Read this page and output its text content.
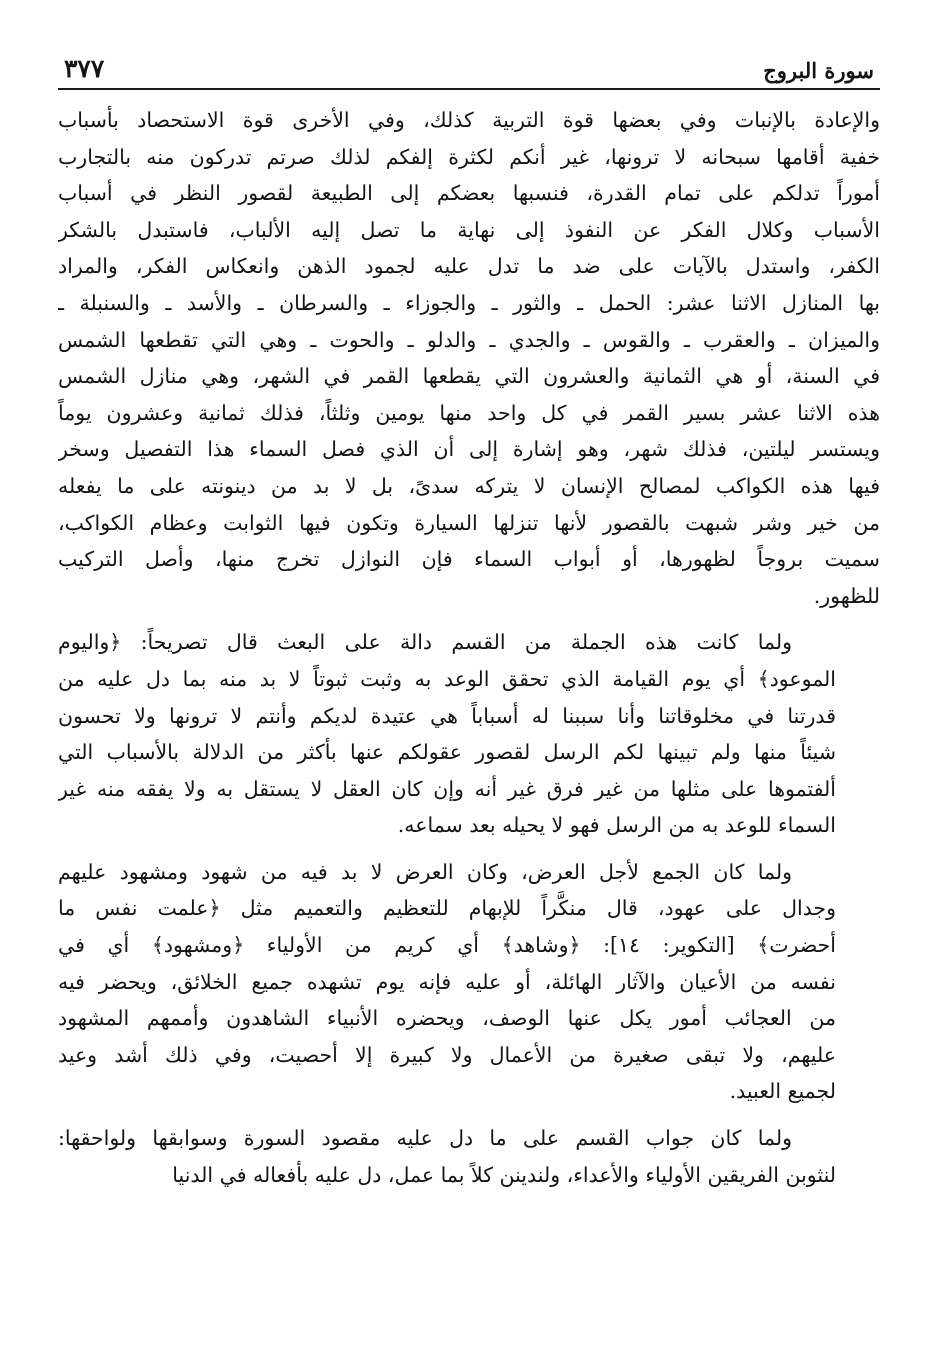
سورة البروج
٣٧٧
والإعادة بالإنبات وفي بعضها قوة التربية كذلك، وفي الأخرى قوة الاستحصاد بأسباب
خفية أقامها سبحانه لا ترونها، غير أنكم لكثرة إلفكم لذلك صرتم تدركون منه بالتجارب
أموراً تدلكم على تمام القدرة، فنسبها بعضكم إلى الطبيعة لقصور النظر في أسباب
الأسباب وكلال الفكر عن النفوذ إلى نهاية ما تصل إليه الألباب، فاستبدل بالشكر
الكفر، واستدل بالآيات على ضد ما تدل عليه لجمود الذهن وانعكاس الفكر، والمراد
بها المنازل الاثنا عشر: الحمل ـ والثور ـ والجوزاء ـ والسرطان ـ والأسد ـ والسنبلة ـ
والميزان ـ والعقرب ـ والقوس ـ والجدي ـ والدلو ـ والحوت ـ وهي التي تقطعها الشمس
في السنة، أو هي الثمانية والعشرون التي يقطعها القمر في الشهر، وهي منازل الشمس
هذه الاثنا عشر بسير القمر في كل واحد منها يومين وثلثاً، فذلك ثمانية وعشرون يوماً
ويستسر ليلتين، فذلك شهر، وهو إشارة إلى أن الذي فصل السماء هذا التفصيل وسخر
فيها هذه الكواكب لمصالح الإنسان لا يتركه سدىً، بل لا بد من دينونته على ما يفعله
من خير وشر شبهت بالقصور لأنها تنزلها السيارة وتكون فيها الثوابت وعظام الكواكب،
سميت بروجاً لظهورها، أو أبواب السماء فإن النوازل تخرج منها، وأصل التركيب
للظهور.
ولما كانت هذه الجملة من القسم دالة على البعث قال تصريحاً: ﴿واليوم
الموعود﴾ أي يوم القيامة الذي تحقق الوعد به وثبت ثبوتاً لا بد منه بما دل عليه من
قدرتنا في مخلوقاتنا وأنا سببنا له أسباباً هي عتيدة لديكم وأنتم لا ترونها ولا تحسون
شيئاً منها ولم تبينها لكم الرسل لقصور عقولكم عنها بأكثر من الدلالة بالأسباب التي
ألفتموها على مثلها من غير فرق غير أنه وإن كان العقل لا يستقل به ولا يفقه منه غير
السماء للوعد به من الرسل فهو لا يحيله بعد سماعه.
ولما كان الجمع لأجل العرض، وكان العرض لا بد فيه من شهود ومشهود عليهم
وجدال على عهود، قال منكَّراً للإبهام للتعظيم والتعميم مثل ﴿علمت نفس ما
أحضرت﴾ [التكوير: ١٤]: ﴿وشاهد﴾ أي كريم من الأولياء ﴿ومشهود﴾ أي في
نفسه من الأعيان والآثار الهائلة، أو عليه فإنه يوم تشهده جميع الخلائق، ويحضر فيه
من العجائب أمور يكل عنها الوصف، ويحضره الأنبياء الشاهدون وأممهم المشهود
عليهم، ولا تبقى صغيرة من الأعمال ولا كبيرة إلا أحصيت، وفي ذلك أشد وعيد
لجميع العبيد.
ولما كان جواب القسم على ما دل عليه مقصود السورة وسوابقها ولواحقها:
لنثوبن الفريقين الأولياء والأعداء، ولندينن كلاً بما عمل، دل عليه بأفعاله في الدنيا
